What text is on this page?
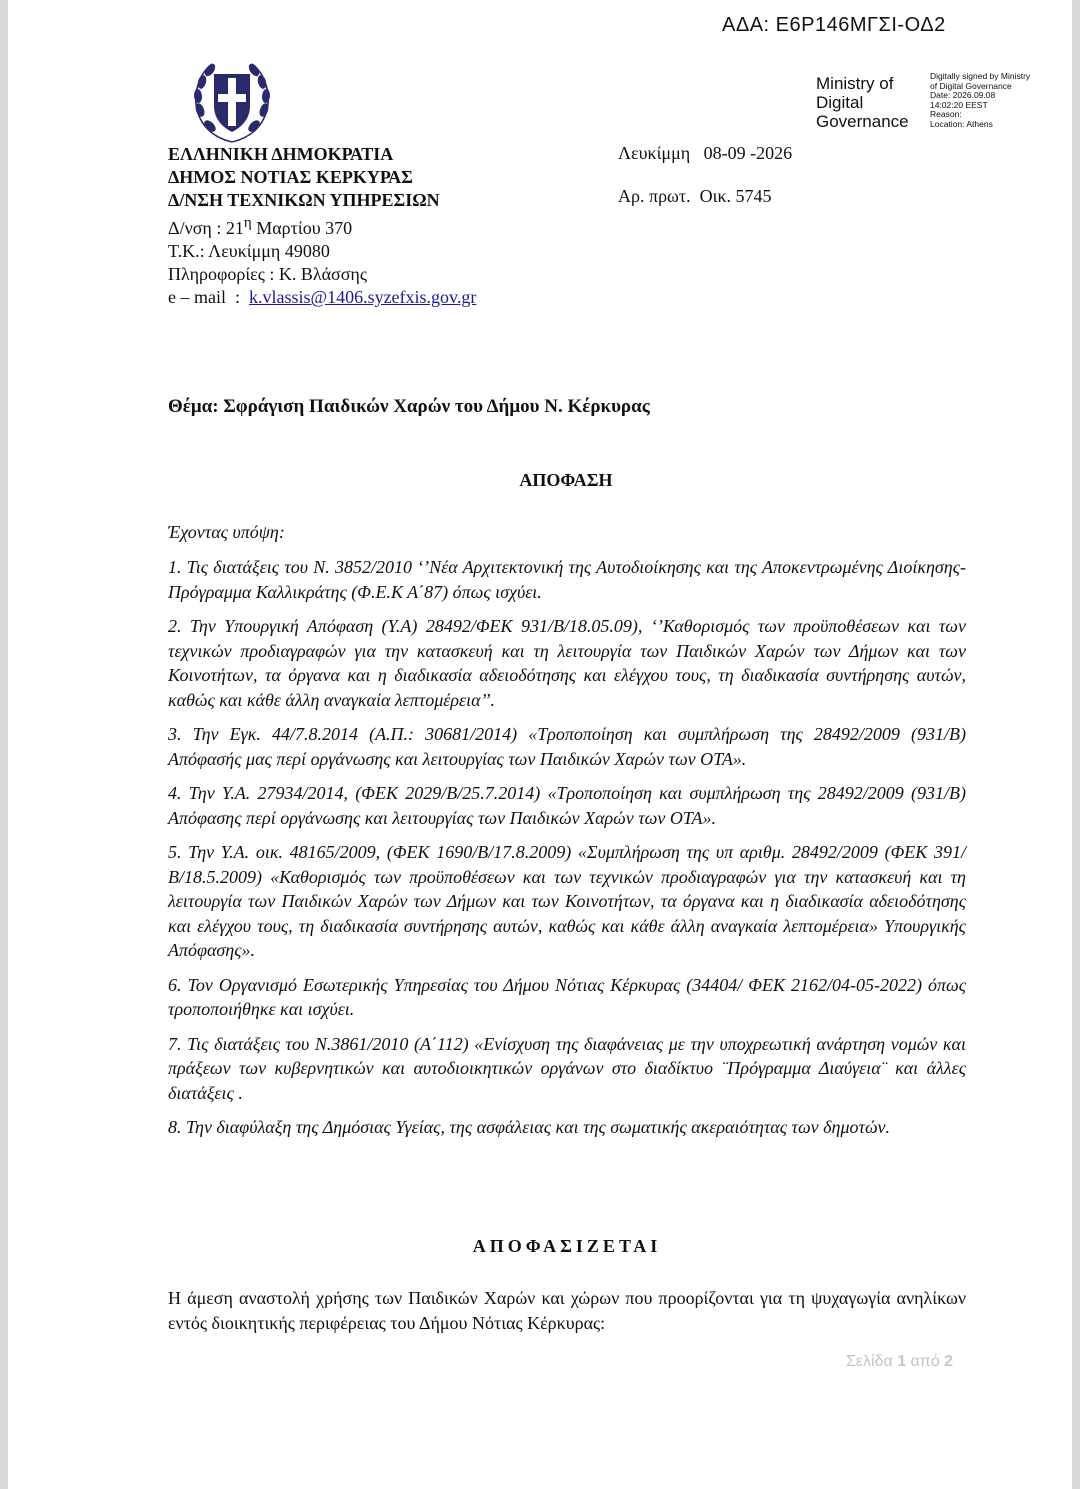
ΑΔΑ: Ε6Ρ146ΜΓΣΙ-ΟΔ2
Ministry of
Digital
Governance
Digitally signed by Ministry
of Digital Governance
Date: 2026.09.08
14:02:20 EEST
Reason:
Location: Athens
ΕΛΛΗΝΙΚΗ ΔΗΜΟΚΡΑΤΙΑ
ΔΗΜΟΣ ΝΟΤΙΑΣ ΚΕΡΚΥΡΑΣ
Δ/ΝΣΗ ΤΕΧΝΙΚΩΝ ΥΠΗΡΕΣΙΩΝ
Δ/νση : $21^\eta$ Μαρτίου 370
Τ.Κ.: Λευκίμμη 49080
Πληροφορίες : Κ. Βλάσσης
e – mail  :  k.vlassis@1406.syzefxis.gov.gr
Λευκίμμη   08-09 -2026
Αρ. πρωτ.  Οικ. 5745
Θέμα: Σφράγιση Παιδικών Χαρών του Δήμου Ν. Κέρκυρας
ΑΠΟΦΑΣΗ
Έχοντας υπόψη:

1. Τις διατάξεις του Ν. 3852/2010 ‘’Νέα Αρχιτεκτονική της Αυτοδιοίκησης και της Αποκεντρωμένης Διοίκησης-Πρόγραμμα Καλλικράτης (Φ.Ε.Κ Α΄87) όπως ισχύει.

2. Την Υπουργική Απόφαση (Υ.Α) 28492/ΦΕΚ 931/Β/18.05.09), ‘’Καθορισμός των προϋποθέσεων και των τεχνικών προδιαγραφών για την κατασκευή και τη λειτουργία των Παιδικών Χαρών των Δήμων και των Κοινοτήτων, τα όργανα και η διαδικασία αδειοδότησης και ελέγχου τους, τη διαδικασία συντήρησης αυτών, καθώς και κάθε άλλη αναγκαία λεπτομέρεια’’.

3. Την Εγκ. 44/7.8.2014 (Α.Π.: 30681/2014) «Τροποποίηση και συμπλήρωση της 28492/2009 (931/Β) Απόφασής μας περί οργάνωσης και λειτουργίας των Παιδικών Χαρών των ΟΤΑ».

4. Την Υ.Α. 27934/2014, (ΦΕΚ 2029/Β/25.7.2014) «Τροποποίηση και συμπλήρωση της 28492/2009 (931/Β) Απόφασης περί οργάνωσης και λειτουργίας των Παιδικών Χαρών των ΟΤΑ».

5. Την Υ.Α. οικ. 48165/2009, (ΦΕΚ 1690/Β/17.8.2009) «Συμπλήρωση της υπ αριθμ. 28492/2009 (ΦΕΚ 391/Β/18.5.2009) «Καθορισμός των προϋποθέσεων και των τεχνικών προδιαγραφών για την κατασκευή και τη λειτουργία των Παιδικών Χαρών των Δήμων και των Κοινοτήτων, τα όργανα και η διαδικασία αδειοδότησης και ελέγχου τους, τη διαδικασία συντήρησης αυτών, καθώς και κάθε άλλη αναγκαία λεπτομέρεια» Υπουργικής Απόφασης».

6. Τον Οργανισμό Εσωτερικής Υπηρεσίας του Δήμου Νότιας Κέρκυρας (34404/ ΦΕΚ 2162/04-05-2022) όπως τροποποιήθηκε και ισχύει.

7. Τις διατάξεις του Ν.3861/2010 (Α΄112) «Ενίσχυση της διαφάνειας με την υποχρεωτική ανάρτηση νομών και πράξεων των κυβερνητικών και αυτοδιοικητικών οργάνων στο διαδίκτυο ¨Πρόγραμμα Διαύγεια¨ και άλλες διατάξεις .

8. Την διαφύλαξη της Δημόσιας Υγείας, της ασφάλειας και της σωματικής ακεραιότητας των δημοτών.

ΑΠΟΦΑΣΙΖΕΤΑΙ
Η άμεση αναστολή χρήσης των Παιδικών Χαρών και χώρων που προορίζονται για τη ψυχαγωγία ανηλίκων εντός διοικητικής περιφέρειας του Δήμου Νότιας Κέρκυρας:
Σελίδα 1 από 2
